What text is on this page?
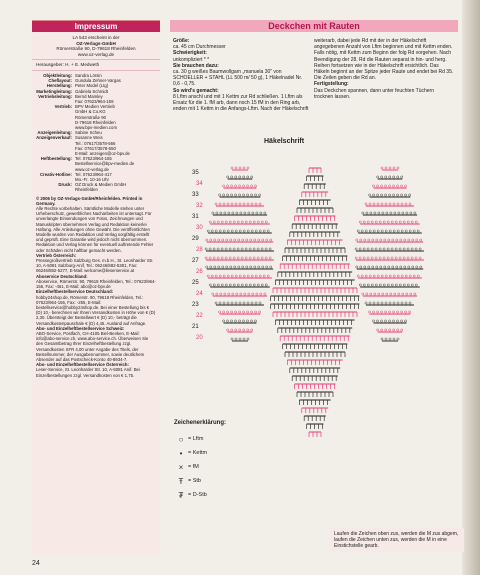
Impressum
LA 543 erscheint in der
OZ-Verlags-GmbH
Römerstraße 90, D-79618 Rheinfelden
www.oz-verlag.de
Herausgeber: H. + E. Medweth
Objektleitung: Sandra Lörsin
Cheflayout: Gundula Zehner-Vargas
Herstellung: Peter Model (Ltg)
Marketingleitung: Gabriela Schmidt
Vertriebsleitung: Bernd Mamley
Fax: 07623/964-159
Vertrieb: BPV Medien Vertrieb
GmbH & Co.KG
Römerstraße 90
D-79618 Rheinfelden
www.bpv-medien.com
Anzeigenleitung: Sabine Scheu
Anzeigenverkauf: Susanne Weis
Tel.: 07617/3578-566
Fax: 07617/3578-650
E-Mail: anzeigen@oz-bpv.de
Heftbestellung: Tel. 07623/964-155
Bestellservice@bpv-medien.de
www.oz-verlag.de
Creativ-Hotline: Tel. 07623/964-417
Mo.-Fr. 10-16 Uhr
Druck: OZ Druck & Medien GmbH
Rheinfelden
© 2006 by OZ-Verlags-GmbH/Rheinfelden. Printed in Germany.
Alle Rechte vorbehalten. Sämtliche Modelle stehen unter Urheberschutz, gewerbliches Nacharbeiten ist untersagt. Für unverlangte Einsendungen von Fotos, Zeichnungen und Manuskripten übernehmen Verlag und Redaktion keinerlei Haftung. Alle Anleitungen ohne Gewähr. Die veröffentlichten Modelle wurden von Redaktion und Verlag sorgfältig erstellt und geprüft. Eine Garantie wird jedoch nicht übernommen. Redaktion und Verlag können für eventuell auftretende Fehler oder Schäden nicht haftbar gemacht werden.
Vertrieb Österreich:
Pressegroßvertrieb Salzburg Ges. m.b.H., St. Leonharder Str. 10, A-5081 Salzburg-Anif, Tel.: 06246/882-5381, Fax: 06246/882-5277, E-Mail: welcome@ileserservice.at
Aboservice Deutschland:
Aboservice, Römerstr. 90, 79618 Rheinfelden, Tel.: 07623/964-156, Fax: -461, E-Mail: abo@oz-bpv.de
Einzelheftbestellservice Deutschland:
hobby24shop.de, Römerstr. 90, 79618 Rheinfelden, Tel.: 07623/964-155, Fax: -255, E-Mail: bestellservice@hobby24shop.de. Bei einer Bestellung bis € (D) 10,- berechnen wir Ihnen Versandkosten in Höhe von € (D) 2,30. Übersteigt der Bestellwert € (D) 10,- beträgt die Versandkostenpauschale € (D) 4,45. Ausland auf Anfrage.
Abo- und Einzelheftbestellservice Schweiz:
ABO-Service, Postfach, CH-4105 Biel-Benken, E-Mail: info@abo-service.ch, www.abo-service.ch. Überweisen Sie den Gesamtbetrag Ihrer Einzelheftbestellung zzgl. Versandkosten SFR 4,00 unter Angabe des Titels, der Bestellnummer, der Ausgabennummer, sowie deutlichem Absender auf das Postscheck-Konto 40-8934-7.
Abo- und Einzelheftbestellservice Österreich:
Leser-Service, St. Leonharder Str. 10, A-5081 Anif. Bei Einzelbestellungen zzgl. Versandkosten von € 1,75.
Deckchen mit Rauten
Größe:
ca. 45 cm Durchmesser
Schwierigkeit:
unkompliziert * *
Sie brauchen dazu:
ca. 30 g weißes Baumwollgarn „manuela 30" von SCHOELLER + STAHL (LL 500 m/ 50 g), 1 Häkelnadel Nr. 0,6 - 0,75.
So wird's gemacht:
8 Lftm anschl und mit 1 Kettm zur Rd schließen. 1 Lftm als Ersatz für die 1. fM arb, dann noch 15 fM in den Ring arb, enden mit 1 Kettm in die Anfangs-Lftm. Nach der Häkelschrift
weiterarb, dabei jede Rd mit der in der Häkelschrift angegebenen Anzahl von Lftm beginnen und mit Kettm enden. Falls nötig, mit Kettm zum Beginn der folg Rd vorgehen. Nach Beendigung der 28. Rd die Rauten separat in hin- und herg. Reihen fortsetzen wie in der Häkelschrift ersichtlich. Das Häkeln beginnt an der Spitze jeder Raute und endet bei Rd 35. Die Zeilen geben die Rd an.
Fertigstellung:
Das Deckchen spannen, dann unter feuchten Tüchern trocknen lassen.
Häkelschrift
35
34
33
32
31
30
29
28
27
26
25
24
23
22
21
20
Zeichenerklärung:
○ = Lftm
•	= Kettm
× = fM
Ŧ = Stb
₮ = D-Stb
Laufen die Zeichen oben zus, werden die M zus abgem, laufen die Zeichen unten zus, werden die M in eine Einstichstelle gearb.
24
